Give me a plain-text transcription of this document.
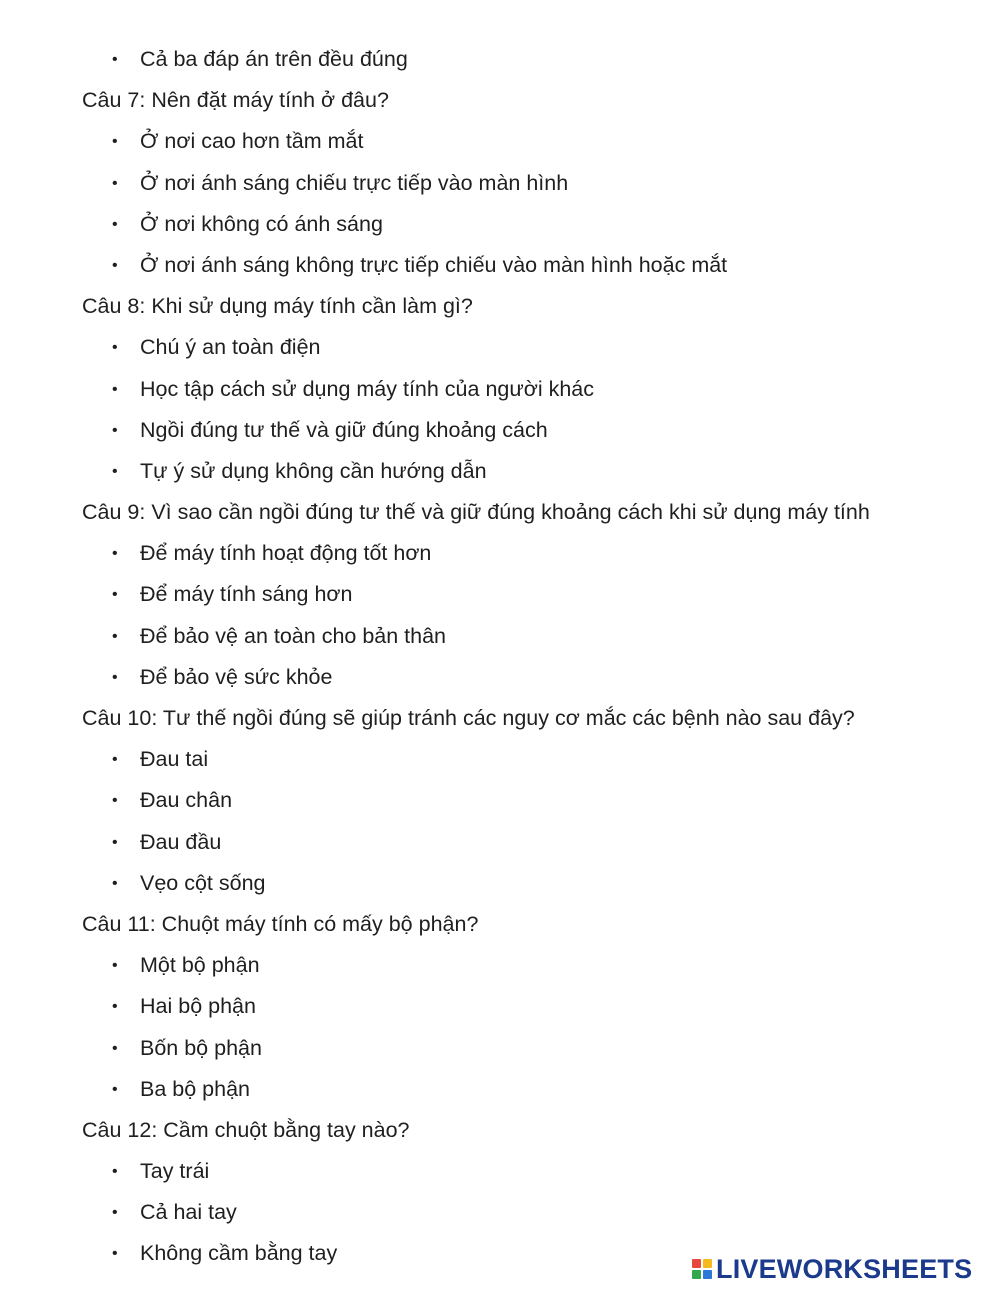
• Cả ba đáp án trên đều đúng
Câu 7: Nên đặt máy tính ở đâu?
• Ở nơi cao hơn tầm mắt
• Ở nơi ánh sáng chiếu trực tiếp vào màn hình
• Ở nơi không có ánh sáng
• Ở nơi ánh sáng không trực tiếp chiếu vào màn hình hoặc mắt
Câu 8: Khi sử dụng máy tính cần làm gì?
• Chú ý an toàn điện
• Học tập cách sử dụng máy tính của người khác
• Ngồi đúng tư thế và giữ đúng khoảng cách
• Tự ý sử dụng không cần hướng dẫn
Câu 9: Vì sao cần ngồi đúng tư thế và giữ đúng khoảng cách khi sử dụng máy tính
• Để máy tính hoạt động tốt hơn
• Để máy tính sáng hơn
• Để bảo vệ an toàn cho bản thân
• Để bảo vệ sức khỏe
Câu 10: Tư thế ngồi đúng sẽ giúp tránh các nguy cơ mắc các bệnh nào sau đây?
• Đau tai
• Đau chân
• Đau đầu
• Vẹo cột sống
Câu 11: Chuột máy tính có mấy bộ phận?
• Một bộ phận
• Hai bộ phận
• Bốn bộ phận
• Ba bộ phận
Câu 12: Cầm chuột bằng tay nào?
• Tay trái
• Cả hai tay
• Không cầm bằng tay
LIVEWORKSHEETS
